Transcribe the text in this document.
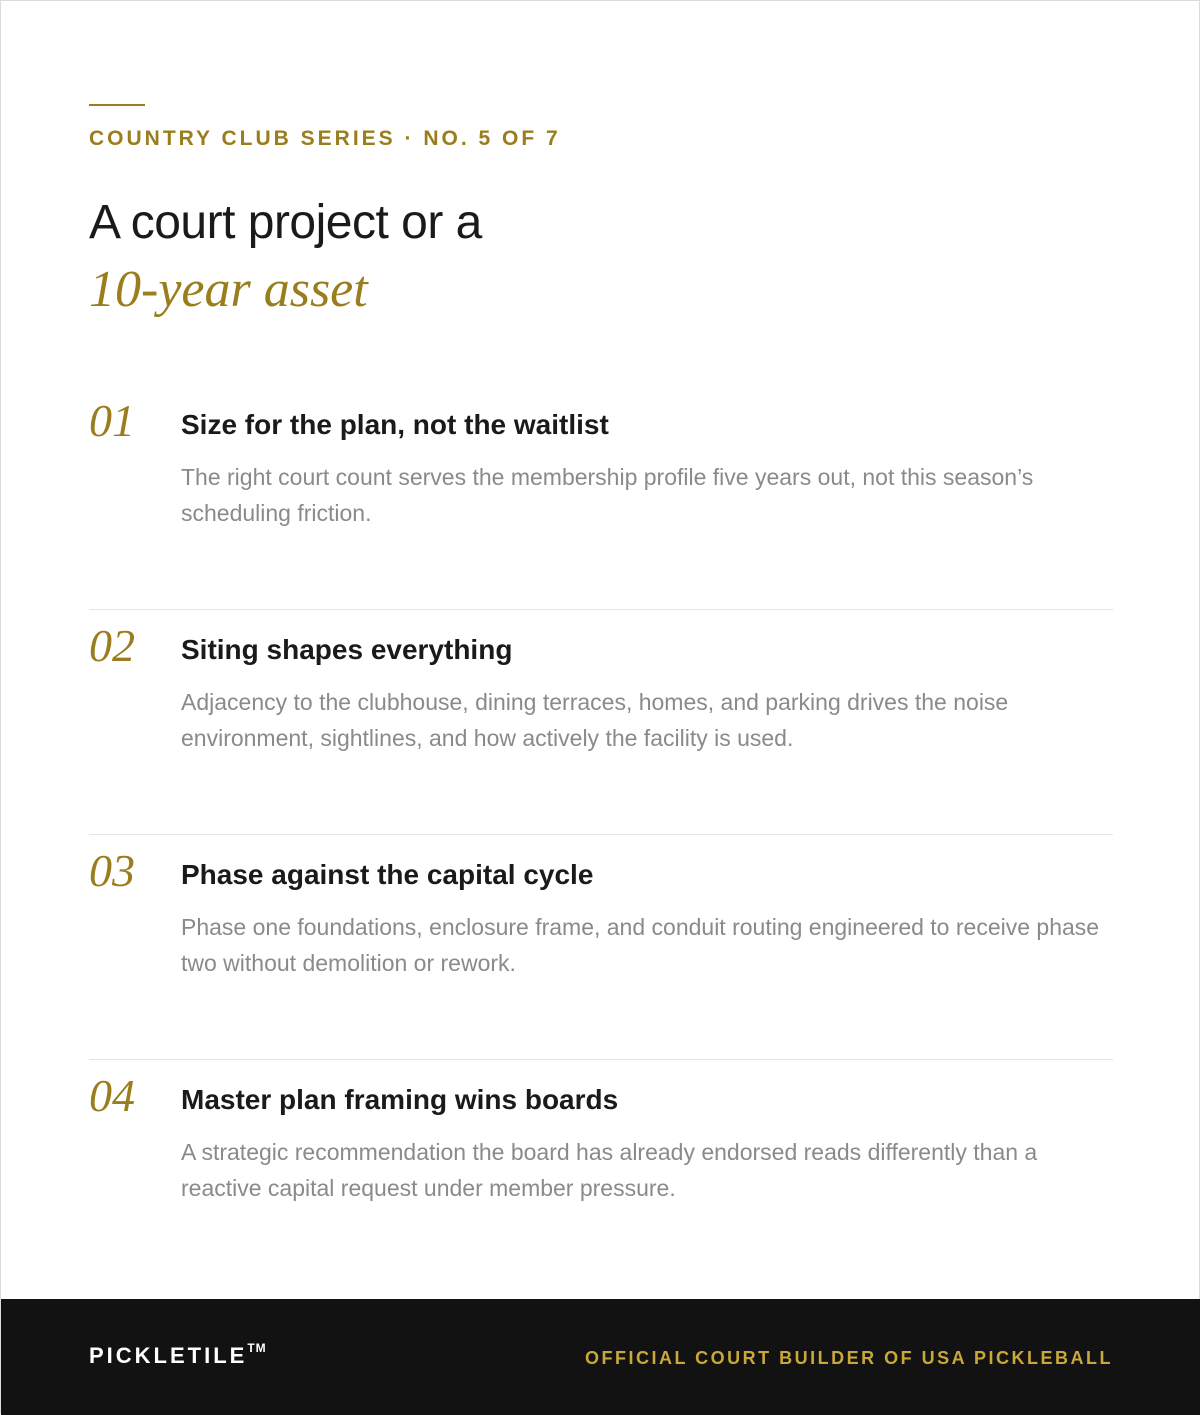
COUNTRY CLUB SERIES · NO. 5 OF 7
A court project or a
10-year asset
01 Size for the plan, not the waitlist
The right court count serves the membership profile five years out, not this season’s scheduling friction.
02 Siting shapes everything
Adjacency to the clubhouse, dining terraces, homes, and parking drives the noise environment, sightlines, and how actively the facility is used.
03 Phase against the capital cycle
Phase one foundations, enclosure frame, and conduit routing engineered to receive phase two without demolition or rework.
04 Master plan framing wins boards
A strategic recommendation the board has already endorsed reads differently than a reactive capital request under member pressure.
PICKLETILE™	OFFICIAL COURT BUILDER OF USA PICKLEBALL
